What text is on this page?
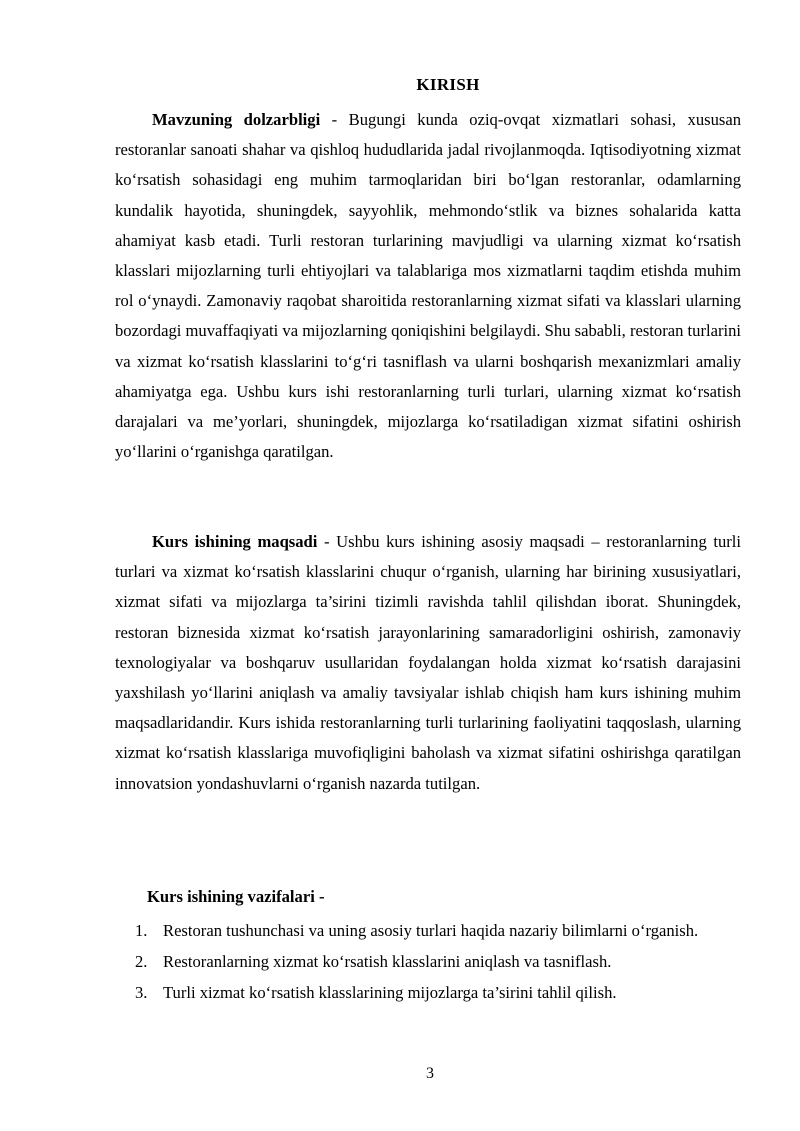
KIRISH

Mavzuning dolzarbligi - Bugungi kunda oziq-ovqat xizmatlari sohasi, xususan restoranlar sanoati shahar va qishloq hududlarida jadal rivojlanmoqda. Iqtisodiyotning xizmat ko‘rsatish sohasidagi eng muhim tarmoqlaridan biri bo‘lgan restoranlar, odamlarning kundalik hayotida, shuningdek, sayyohlik, mehmondo‘stlik va biznes sohalarida katta ahamiyat kasb etadi. Turli restoran turlarining mavjudligi va ularning xizmat ko‘rsatish klasslari mijozlarning turli ehtiyojlari va talablariga mos xizmatlarni taqdim etishda muhim rol o‘ynaydi. Zamonaviy raqobat sharoitida restoranlarning xizmat sifati va klasslari ularning bozordagi muvaffaqiyati va mijozlarning qoniqishini belgilaydi. Shu sababli, restoran turlarini va xizmat ko‘rsatish klasslarini to‘g‘ri tasniflash va ularni boshqarish mexanizmlari amaliy ahamiyatga ega. Ushbu kurs ishi restoranlarning turli turlari, ularning xizmat ko‘rsatish darajalari va me’yorlari, shuningdek, mijozlarga ko‘rsatiladigan xizmat sifatini oshirish yo‘llarini o‘rganishga qaratilgan.

Kurs ishining maqsadi - Ushbu kurs ishining asosiy maqsadi – restoranlarning turli turlari va xizmat ko‘rsatish klasslarini chuqur o‘rganish, ularning har birining xususiyatlari, xizmat sifati va mijozlarga ta’sirini tizimli ravishda tahlil qilishdan iborat. Shuningdek, restoran biznesida xizmat ko‘rsatish jarayonlarining samaradorligini oshirish, zamonaviy texnologiyalar va boshqaruv usullaridan foydalangan holda xizmat ko‘rsatish darajasini yaxshilash yo‘llarini aniqlash va amaliy tavsiyalar ishlab chiqish ham kurs ishining muhim maqsadlaridandir. Kurs ishida restoranlarning turli turlarining faoliyatini taqqoslash, ularning xizmat ko‘rsatish klasslariga muvofiqligini baholash va xizmat sifatini oshirishga qaratilgan innovatsion yondashuvlarni o‘rganish nazarda tutilgan.

Kurs ishining vazifalari -
1. Restoran tushunchasi va uning asosiy turlari haqida nazariy bilimlarni o‘rganish.
2. Restoranlarning xizmat ko‘rsatish klasslarini aniqlash va tasniflash.
3. Turli xizmat ko‘rsatish klasslarining mijozlarga ta’sirini tahlil qilish.
3
